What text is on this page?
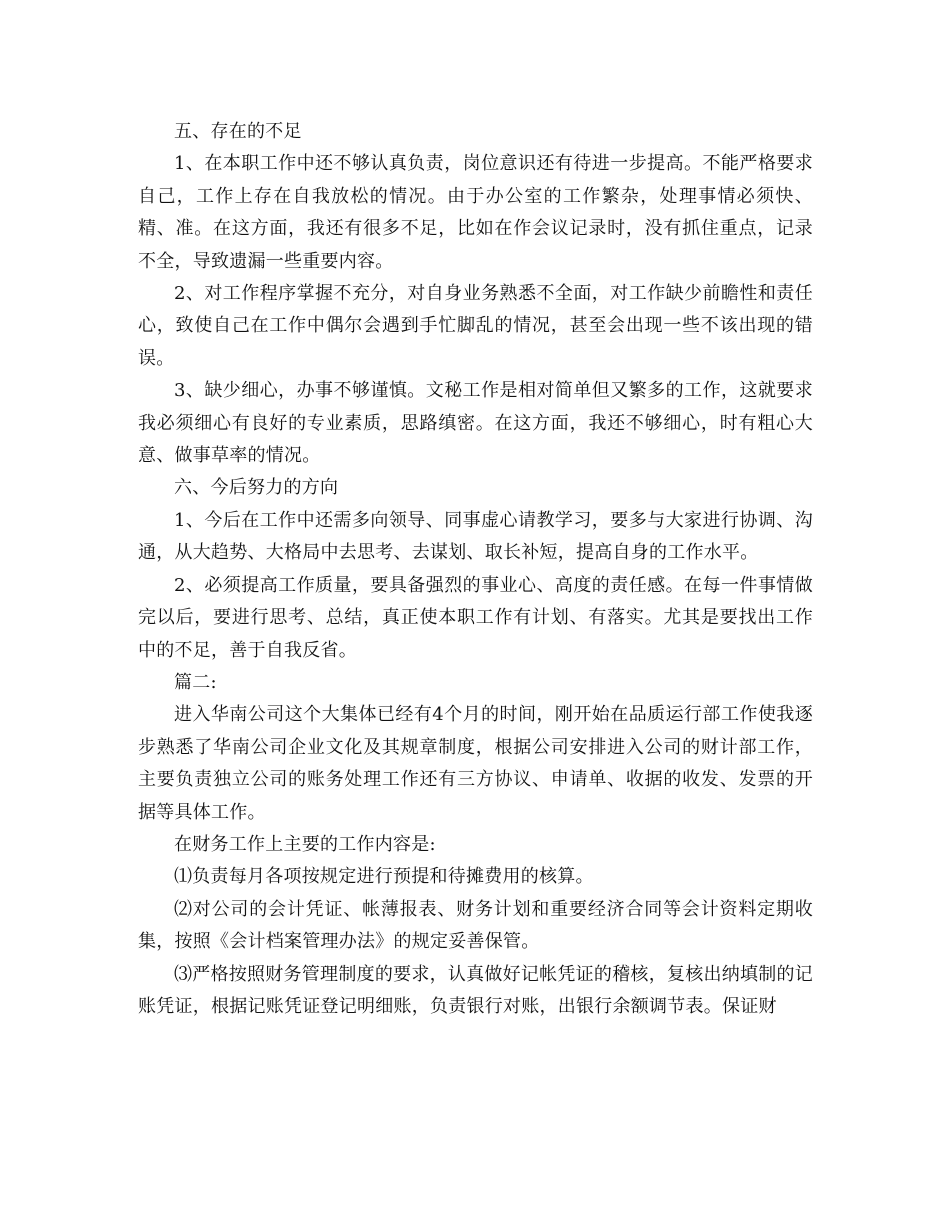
五、存在的不足

1、在本职工作中还不够认真负责，岗位意识还有待进一步提高。不能严格要求自己，工作上存在自我放松的情况。由于办公室的工作繁杂，处理事情必须快、精、准。在这方面，我还有很多不足，比如在作会议记录时，没有抓住重点，记录不全，导致遗漏一些重要内容。

2、对工作程序掌握不充分，对自身业务熟悉不全面，对工作缺少前瞻性和责任心，致使自己在工作中偶尔会遇到手忙脚乱的情况，甚至会出现一些不该出现的错误。

3、缺少细心，办事不够谨慎。文秘工作是相对简单但又繁多的工作，这就要求我必须细心有良好的专业素质，思路缜密。在这方面，我还不够细心，时有粗心大意、做事草率的情况。

六、今后努力的方向

1、今后在工作中还需多向领导、同事虚心请教学习，要多与大家进行协调、沟通，从大趋势、大格局中去思考、去谋划、取长补短，提高自身的工作水平。

2、必须提高工作质量，要具备强烈的事业心、高度的责任感。在每一件事情做完以后，要进行思考、总结，真正使本职工作有计划、有落实。尤其是要找出工作中的不足，善于自我反省。

篇二:

进入华南公司这个大集体已经有4个月的时间，刚开始在品质运行部工作使我逐步熟悉了华南公司企业文化及其规章制度，根据公司安排进入公司的财计部工作，主要负责独立公司的账务处理工作还有三方协议、申请单、收据的收发、发票的开据等具体工作。

在财务工作上主要的工作内容是:

⑴负责每月各项按规定进行预提和待摊费用的核算。

⑵对公司的会计凭证、帐薄报表、财务计划和重要经济合同等会计资料定期收集，按照《会计档案管理办法》的规定妥善保管。

⑶严格按照财务管理制度的要求，认真做好记帐凭证的稽核，复核出纳填制的记账凭证，根据记账凭证登记明细账，负责银行对账，出银行余额调节表。保证财
